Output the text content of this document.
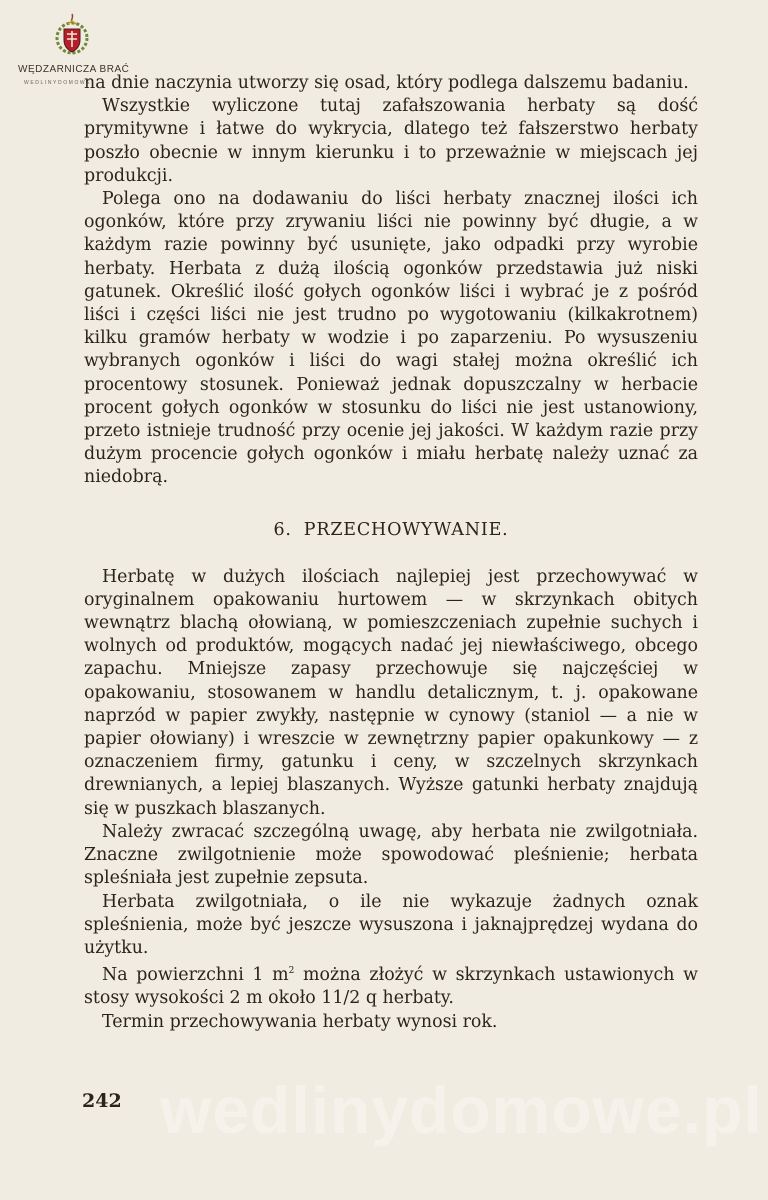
WĘDZARNICZA BRAĆ
WEDLINYDOMOWE

na dnie naczynia utworzy się osad, który podlega dalszemu badaniu.

Wszystkie wyliczone tutaj zafałszowania herbaty są dość prymitywne i łatwe do wykrycia, dlatego też fałszerstwo herbaty poszło obecnie w innym kierunku i to przeważnie w miejscach jej produkcji.

Polega ono na dodawaniu do liści herbaty znacznej ilości ich ogonków, które przy zrywaniu liści nie powinny być długie, a w każdym razie powinny być usunięte, jako odpadki przy wyrobie herbaty. Herbata z dużą ilością ogonków przedstawia już niski gatunek. Określić ilość gołych ogonków liści i wybrać je z pośród liści i części liści nie jest trudno po wygotowaniu (kilkakrotnem) kilku gramów herbaty w wodzie i po zaparzeniu. Po wysuszeniu wybranych ogonków i liści do wagi stałej można określić ich procentowy stosunek. Ponieważ jednak dopuszczalny w herbacie procent gołych ogonków w stosunku do liści nie jest ustanowiony, przeto istnieje trudność przy ocenie jej jakości. W każdym razie przy dużym procencie gołych ogonków i miału herbatę należy uznać za niedobrą.

6. PRZECHOWYWANIE.

Herbatę w dużych ilościach najlepiej jest przechowywać w oryginalnem opakowaniu hurtowem — w skrzynkach obitych wewnątrz blachą ołowianą, w pomieszczeniach zupełnie suchych i wolnych od produktów, mogących nadać jej niewłaściwego, obcego zapachu. Mniejsze zapasy przechowuje się najczęściej w opakowaniu, stosowanem w handlu detalicznym, t. j. opakowane naprzód w papier zwykły, następnie w cynowy (staniol — a nie w papier ołowiany) i wreszcie w zewnętrzny papier opakunkowy — z oznaczeniem firmy, gatunku i ceny, w szczelnych skrzynkach drewnianych, a lepiej blaszanych. Wyższe gatunki herbaty znajdują się w puszkach blaszanych.

Należy zwracać szczególną uwagę, aby herbata nie zwilgotniała. Znaczne zwilgotnienie może spowodować pleśnienie; herbata spleśniała jest zupełnie zepsuta.

Herbata zwilgotniała, o ile nie wykazuje żadnych oznak spleśnienia, może być jeszcze wysuszona i jaknajprędzej wydana do użytku.

Na powierzchni 1 $m^2$ można złożyć w skrzynkach ustawionych w stosy wysokości 2 m około 11/2 q herbaty.

Termin przechowywania herbaty wynosi rok.

242 wedlinydomowe.pl
